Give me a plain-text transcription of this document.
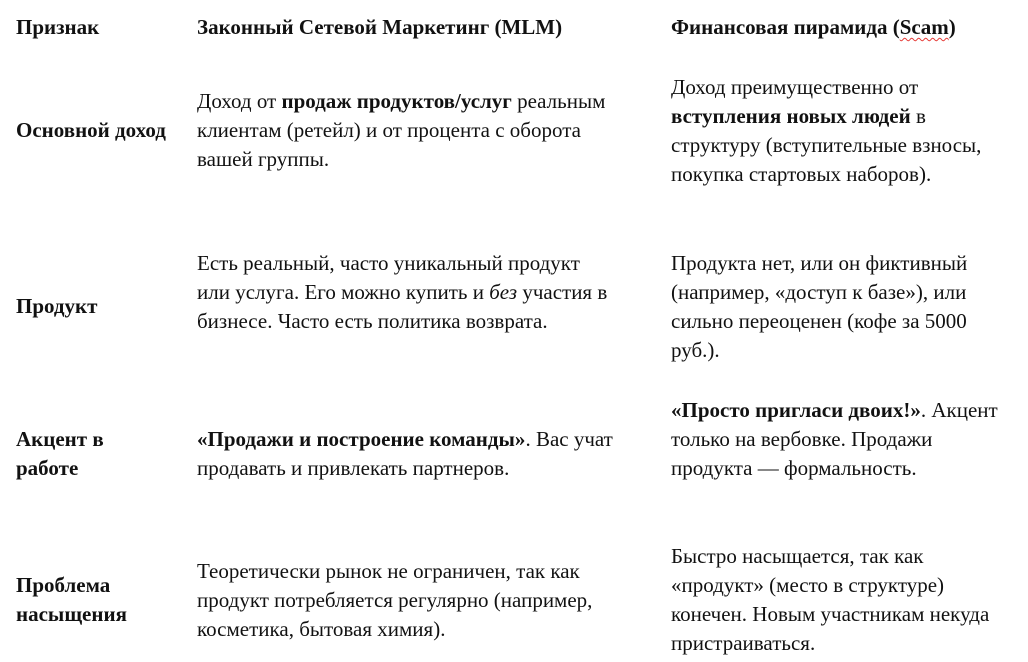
Признак	Законный Сетевой Маркетинг (MLM)	Финансовая пирамида (Scam)
Основной доход
Доход от продаж продуктов/услуг реальным клиентам (ретейл) и от процента с оборота вашей группы.
Доход преимущественно от вступления новых людей в структуру (вступительные взносы, покупка стартовых наборов).
Продукт
Есть реальный, часто уникальный продукт или услуга. Его можно купить и без участия в бизнесе. Часто есть политика возврата.
Продукта нет, или он фиктивный (например, «доступ к базе»), или сильно переоценен (кофе за 5000 руб.).
Акцент в работе
«Продажи и построение команды». Вас учат продавать и привлекать партнеров.
«Просто пригласи двоих!». Акцент только на вербовке. Продажи продукта — формальность.
Проблема насыщения
Теоретически рынок не ограничен, так как продукт потребляется регулярно (например, косметика, бытовая химия).
Быстро насыщается, так как «продукт» (место в структуре) конечен. Новым участникам некуда пристраиваться.
